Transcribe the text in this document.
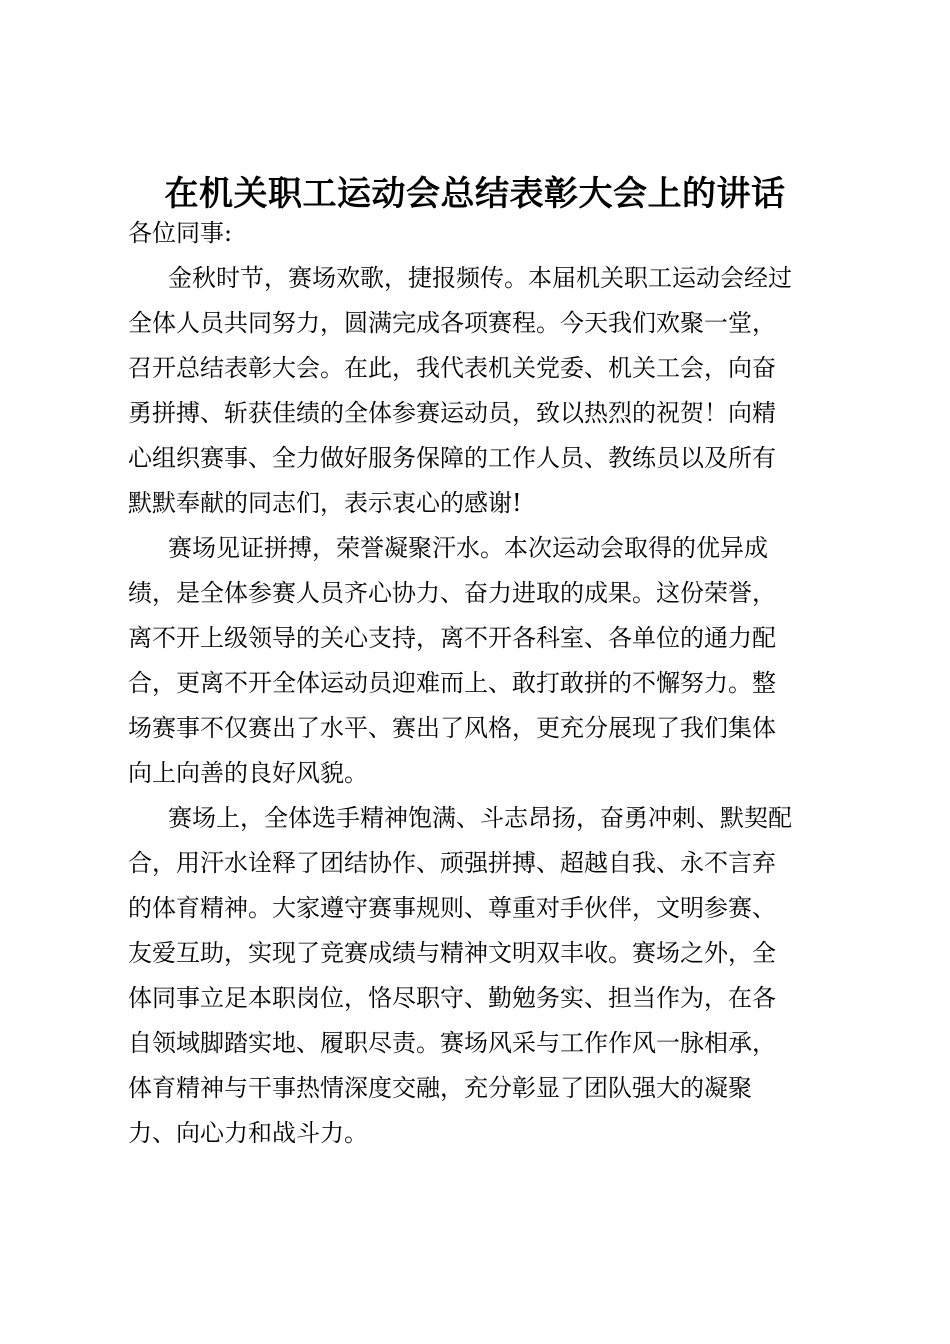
在机关职工运动会总结表彰大会上的讲话

各位同事:

金秋时节，赛场欢歌，捷报频传。本届机关职工运动会经过
全体人员共同努力，圆满完成各项赛程。今天我们欢聚一堂，
召开总结表彰大会。在此，我代表机关党委、机关工会，向奋
勇拼搏、斩获佳绩的全体参赛运动员，致以热烈的祝贺！向精
心组织赛事、全力做好服务保障的工作人员、教练员以及所有
默默奉献的同志们，表示衷心的感谢!
赛场见证拼搏，荣誉凝聚汗水。本次运动会取得的优异成
绩，是全体参赛人员齐心协力、奋力进取的成果。这份荣誉，
离不开上级领导的关心支持，离不开各科室、各单位的通力配
合，更离不开全体运动员迎难而上、敢打敢拼的不懈努力。整
场赛事不仅赛出了水平、赛出了风格，更充分展现了我们集体
向上向善的良好风貌。
赛场上，全体选手精神饱满、斗志昂扬，奋勇冲刺、默契配
合，用汗水诠释了团结协作、顽强拼搏、超越自我、永不言弃
的体育精神。大家遵守赛事规则、尊重对手伙伴，文明参赛、
友爱互助，实现了竞赛成绩与精神文明双丰收。赛场之外，全
体同事立足本职岗位，恪尽职守、勤勉务实、担当作为，在各
自领域脚踏实地、履职尽责。赛场风采与工作作风一脉相承，
体育精神与干事热情深度交融，充分彰显了团队强大的凝聚
力、向心力和战斗力。
